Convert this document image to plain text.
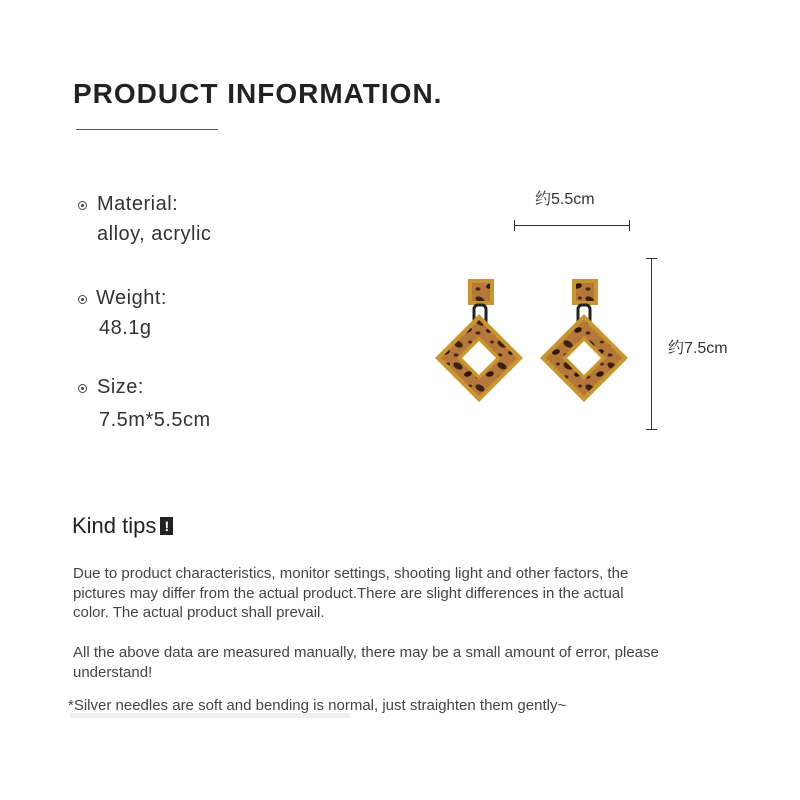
PRODUCT INFORMATION.
Material:
alloy, acrylic
Weight:
48.1g
Size:
7.5m*5.5cm
约5.5cm
约7.5cm
Kind tips !
Due to product characteristics, monitor settings, shooting light and other factors, the
pictures may differ from the actual product.There are slight differences in the actual
color. The actual product shall prevail.
All the above data are measured manually, there may be a small amount of error, please
understand!
*Silver needles are soft and bending is normal, just straighten them gently~
